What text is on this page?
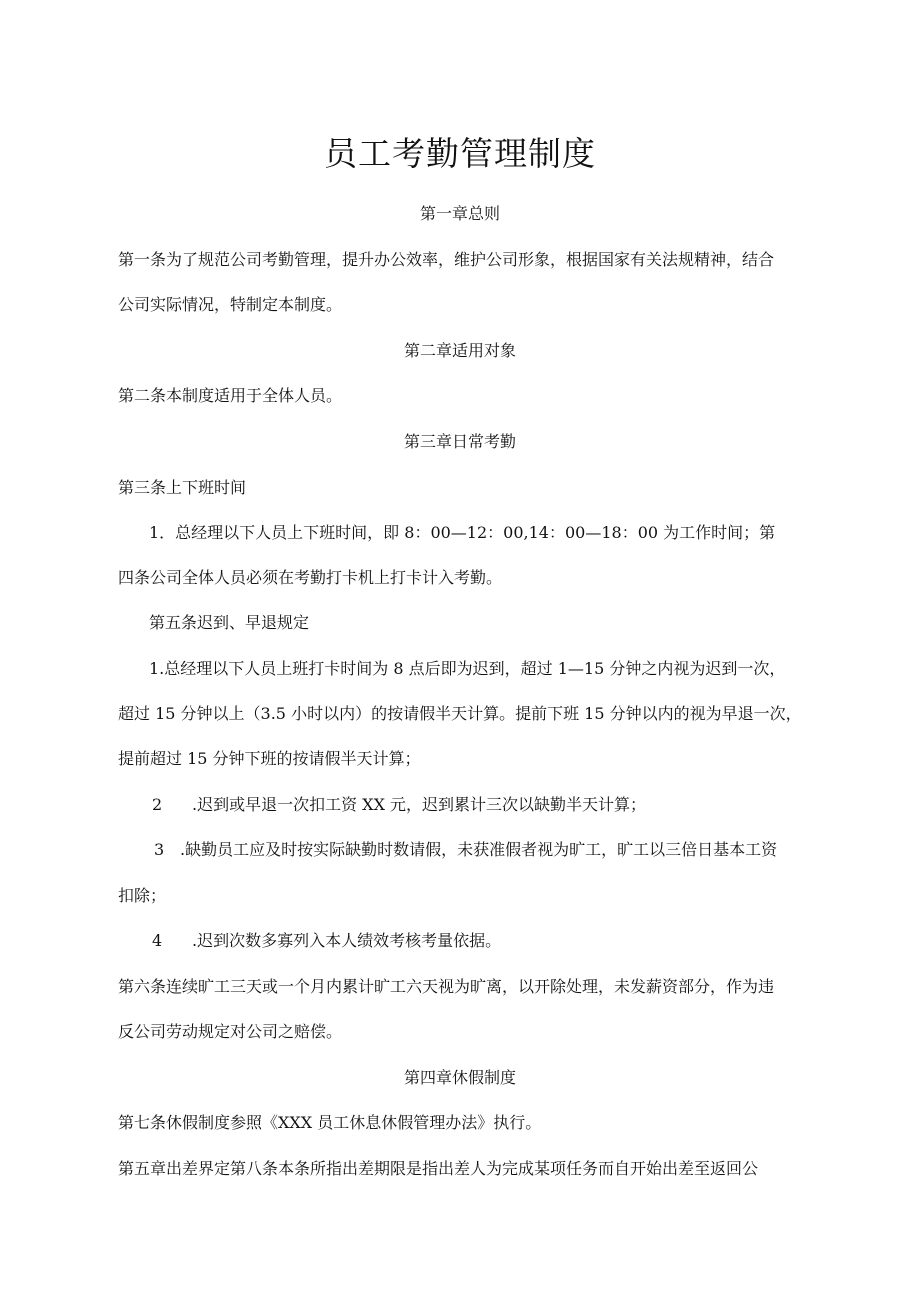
员工考勤管理制度

第一章总则

第一条为了规范公司考勤管理，提升办公效率，维护公司形象，根据国家有关法规精神，结合

公司实际情况，特制定本制度。

第二章适用对象

第二条本制度适用于全体人员。

第三章日常考勤

第三条上下班时间

1．总经理以下人员上下班时间，即 8：00—12：00,14：00—18：00 为工作时间；第

四条公司全体人员必须在考勤打卡机上打卡计入考勤。

第五条迟到、早退规定

1.总经理以下人员上班打卡时间为 8 点后即为迟到，超过 1—15 分钟之内视为迟到一次，

超过 15 分钟以上（3.5 小时以内）的按请假半天计算。提前下班 15 分钟以内的视为早退一次，

提前超过 15 分钟下班的按请假半天计算；

2 .迟到或早退一次扣工资 XX 元，迟到累计三次以缺勤半天计算；

3 .缺勤员工应及时按实际缺勤时数请假，未获准假者视为旷工，旷工以三倍日基本工资

扣除；

4 .迟到次数多寡列入本人绩效考核考量依据。

第六条连续旷工三天或一个月内累计旷工六天视为旷离，以开除处理，未发薪资部分，作为违

反公司劳动规定对公司之赔偿。

第四章休假制度

第七条休假制度参照《XXX 员工休息休假管理办法》执行。

第五章出差界定第八条本条所指出差期限是指出差人为完成某项任务而自开始出差至返回公
